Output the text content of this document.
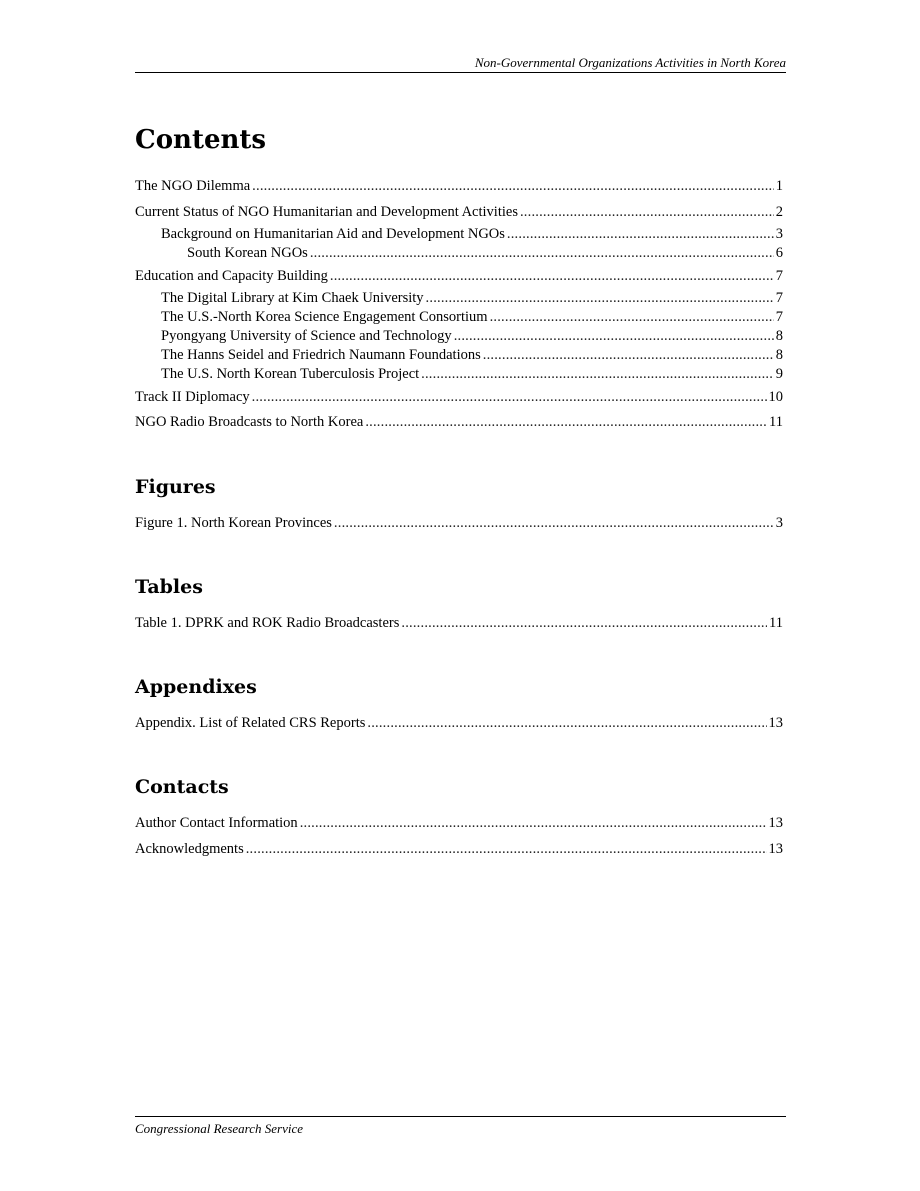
Non-Governmental Organizations Activities in North Korea
Contents
The NGO Dilemma .....	1
Current Status of NGO Humanitarian and Development Activities .....	2
Background on Humanitarian Aid and Development NGOs .....	3
South Korean NGOs .....	6
Education and Capacity Building .....	7
The Digital Library at Kim Chaek University .....	7
The U.S.-North Korea Science Engagement Consortium .....	7
Pyongyang University of Science and Technology .....	8
The Hanns Seidel and Friedrich Naumann Foundations .....	8
The U.S. North Korean Tuberculosis Project .....	9
Track II Diplomacy .....	10
NGO Radio Broadcasts to North Korea .....	11
Figures
Figure 1. North Korean Provinces .....	3
Tables
Table 1. DPRK and ROK Radio Broadcasters .....	11
Appendixes
Appendix. List of Related CRS Reports .....	13
Contacts
Author Contact Information .....	13
Acknowledgments .....	13
Congressional Research Service
